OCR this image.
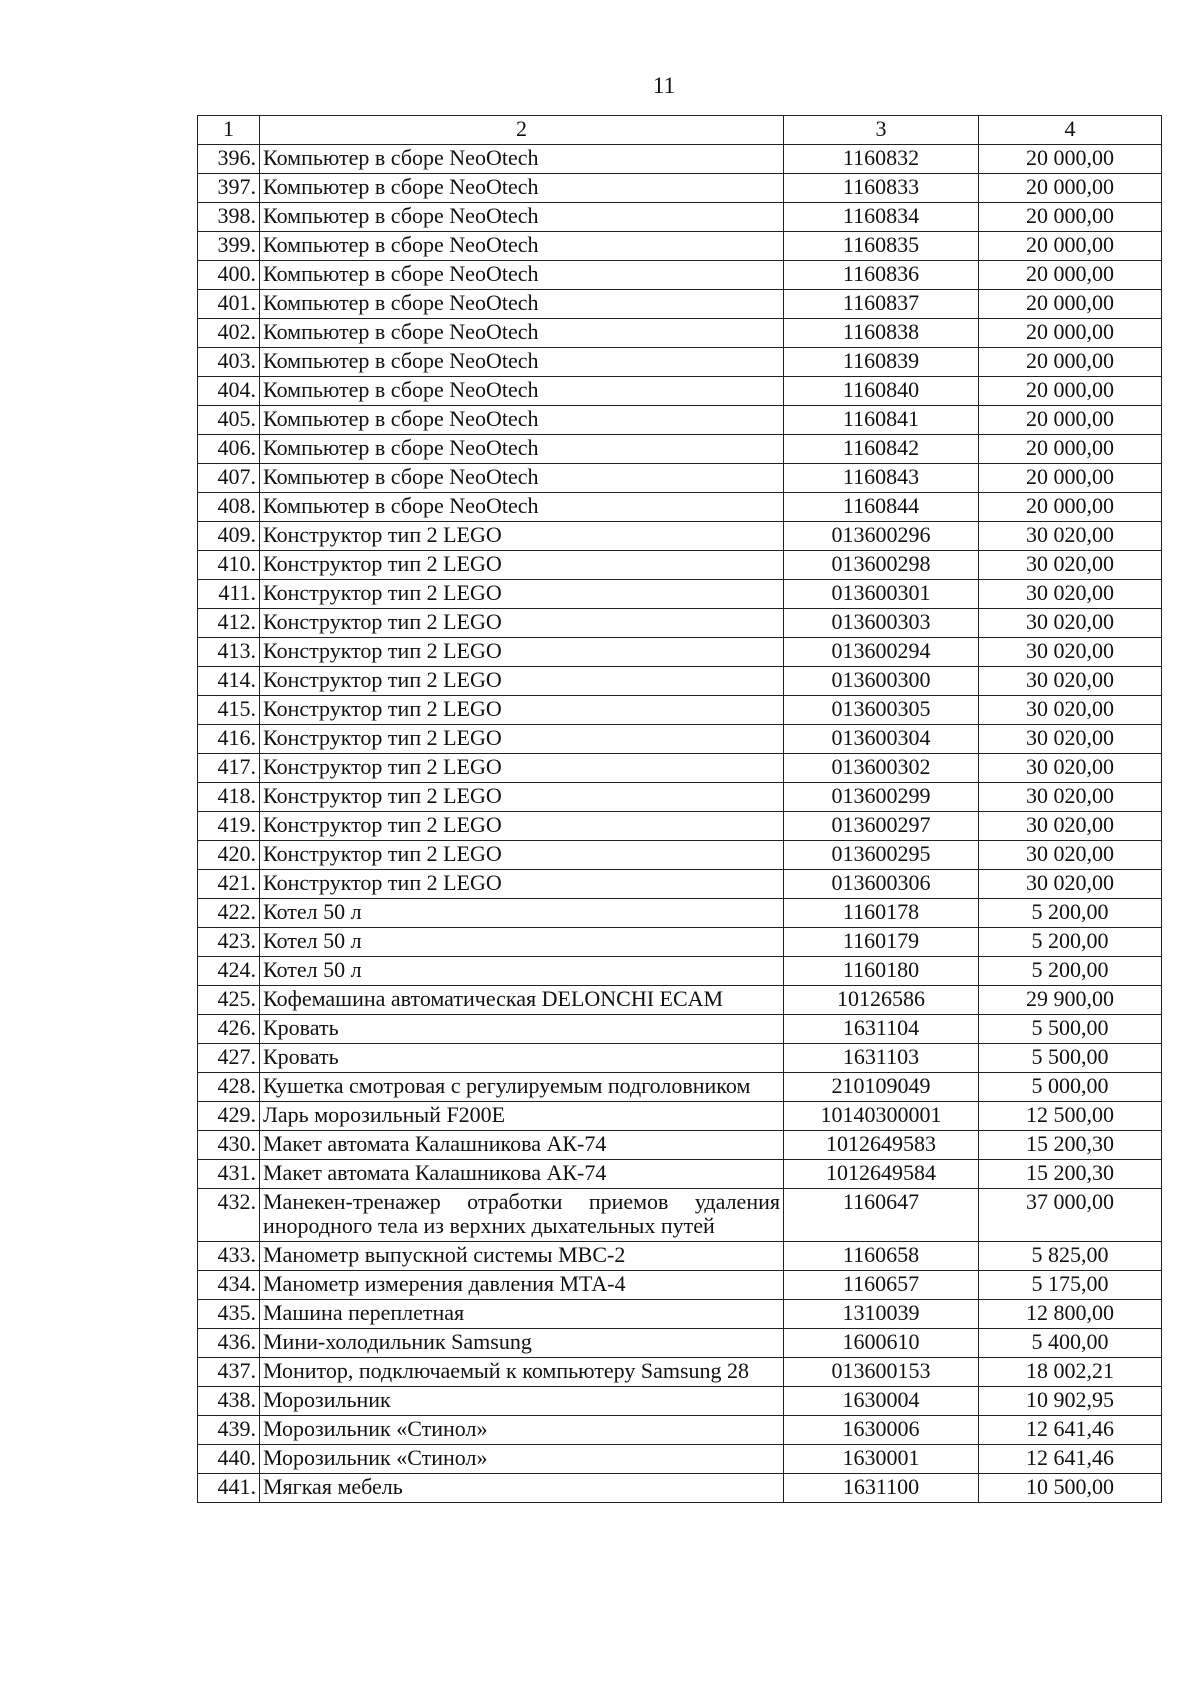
11
1	2	3	4
396.	Компьютер в сборе NeoOtech	1160832	20 000,00
397.	Компьютер в сборе NeoOtech	1160833	20 000,00
398.	Компьютер в сборе NeoOtech	1160834	20 000,00
399.	Компьютер в сборе NeoOtech	1160835	20 000,00
400.	Компьютер в сборе NeoOtech	1160836	20 000,00
401.	Компьютер в сборе NeoOtech	1160837	20 000,00
402.	Компьютер в сборе NeoOtech	1160838	20 000,00
403.	Компьютер в сборе NeoOtech	1160839	20 000,00
404.	Компьютер в сборе NeoOtech	1160840	20 000,00
405.	Компьютер в сборе NeoOtech	1160841	20 000,00
406.	Компьютер в сборе NeoOtech	1160842	20 000,00
407.	Компьютер в сборе NeoOtech	1160843	20 000,00
408.	Компьютер в сборе NeoOtech	1160844	20 000,00
409.	Конструктор тип 2 LEGO	013600296	30 020,00
410.	Конструктор тип 2 LEGO	013600298	30 020,00
411.	Конструктор тип 2 LEGO	013600301	30 020,00
412.	Конструктор тип 2 LEGO	013600303	30 020,00
413.	Конструктор тип 2 LEGO	013600294	30 020,00
414.	Конструктор тип 2 LEGO	013600300	30 020,00
415.	Конструктор тип 2 LEGO	013600305	30 020,00
416.	Конструктор тип 2 LEGO	013600304	30 020,00
417.	Конструктор тип 2 LEGO	013600302	30 020,00
418.	Конструктор тип 2 LEGO	013600299	30 020,00
419.	Конструктор тип 2 LEGO	013600297	30 020,00
420.	Конструктор тип 2 LEGO	013600295	30 020,00
421.	Конструктор тип 2 LEGO	013600306	30 020,00
422.	Котел 50 л	1160178	5 200,00
423.	Котел 50 л	1160179	5 200,00
424.	Котел 50 л	1160180	5 200,00
425.	Кофемашина автоматическая DELONCHI ECAM	10126586	29 900,00
426.	Кровать	1631104	5 500,00
427.	Кровать	1631103	5 500,00
428.	Кушетка смотровая с регулируемым подголовником	210109049	5 000,00
429.	Ларь морозильный F200E	10140300001	12 500,00
430.	Макет автомата Калашникова АК-74	1012649583	15 200,30
431.	Макет автомата Калашникова АК-74	1012649584	15 200,30
432.	Манекен-тренажер отработки приемов удаления инородного тела из верхних дыхательных путей	1160647	37 000,00
433.	Манометр выпускной системы МВС-2	1160658	5 825,00
434.	Манометр измерения давления МТА-4	1160657	5 175,00
435.	Машина переплетная	1310039	12 800,00
436.	Мини-холодильник Samsung	1600610	5 400,00
437.	Монитор, подключаемый к компьютеру Samsung 28	013600153	18 002,21
438.	Морозильник	1630004	10 902,95
439.	Морозильник «Стинол»	1630006	12 641,46
440.	Морозильник «Стинол»	1630001	12 641,46
441.	Мягкая мебель	1631100	10 500,00
